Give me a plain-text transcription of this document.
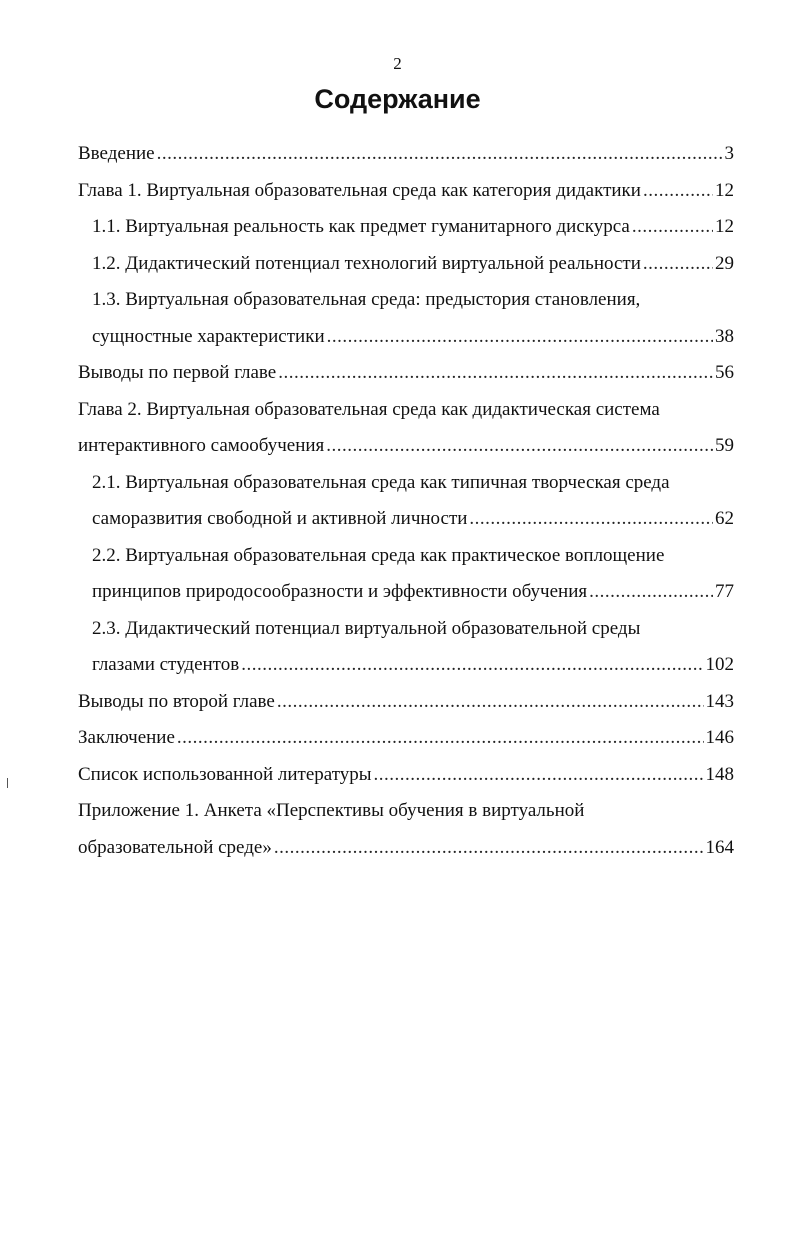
2
Содержание
Введение .....	3
Глава 1. Виртуальная образовательная среда как категория дидактики .....	12
1.1. Виртуальная реальность как предмет гуманитарного дискурса .....	12
1.2. Дидактический потенциал технологий виртуальной реальности .....	29
1.3. Виртуальная образовательная среда: предыстория становления,
сущностные характеристики .....	38
Выводы по первой главе .....	56
Глава 2. Виртуальная образовательная среда как дидактическая система
интерактивного самообучения .....	59
2.1. Виртуальная образовательная среда как типичная творческая среда
саморазвития свободной и активной личности .....	62
2.2. Виртуальная образовательная среда как практическое воплощение
принципов природосообразности и эффективности обучения .....	77
2.3. Дидактический потенциал виртуальной образовательной среды
глазами студентов .....	102
Выводы по второй главе .....	143
Заключение .....	146
Список использованной литературы .....	148
Приложение 1. Анкета «Перспективы обучения в виртуальной
образовательной среде» .....	164
